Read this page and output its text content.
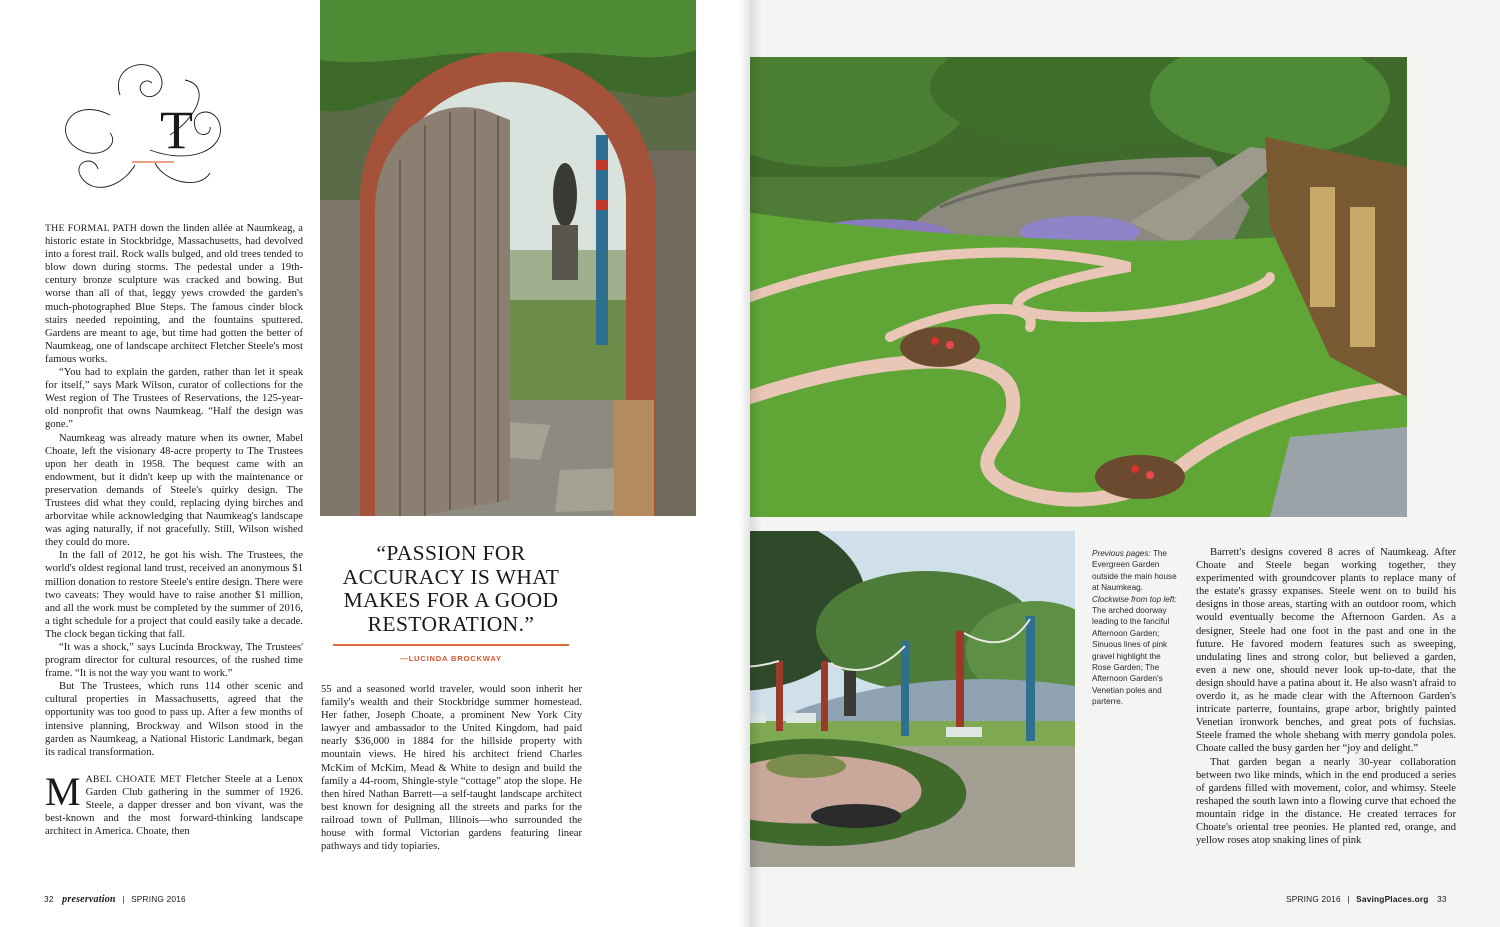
T

THE FORMAL PATH down the linden allée at Naumkeag, a historic estate in Stockbridge, Massachusetts, had devolved into a forest trail. Rock walls bulged, and old trees tended to blow down during storms. The pedestal under a 19th-century bronze sculpture was cracked and bowing. But worse than all of that, leggy yews crowded the garden's much-photographed Blue Steps. The famous cinder block stairs needed repointing, and the fountains sputtered. Gardens are meant to age, but time had gotten the better of Naumkeag, one of landscape architect Fletcher Steele's most famous works.

“You had to explain the garden, rather than let it speak for itself,” says Mark Wilson, curator of collections for the West region of The Trustees of Reservations, the 125-year-old nonprofit that owns Naumkeag. “Half the design was gone.”

Naumkeag was already mature when its owner, Mabel Choate, left the visionary 48-acre property to The Trustees upon her death in 1958. The bequest came with an endowment, but it didn't keep up with the maintenance or preservation demands of Steele's quirky design. The Trustees did what they could, replacing dying birches and arborvitae while acknowledging that Naumkeag's landscape was aging naturally, if not gracefully. Still, Wilson wished they could do more.

In the fall of 2012, he got his wish. The Trustees, the world's oldest regional land trust, received an anonymous $1 million donation to restore Steele's entire design. There were two caveats: They would have to raise another $1 million, and all the work must be completed by the summer of 2016, a tight schedule for a project that could easily take a decade. The clock began ticking that fall.

“It was a shock,” says Lucinda Brockway, The Trustees' program director for cultural resources, of the rushed time frame. “It is not the way you want to work.”

But The Trustees, which runs 114 other scenic and cultural properties in Massachusetts, agreed that the opportunity was too good to pass up. After a few months of intensive planning, Brockway and Wilson stood in the garden as Naumkeag, a National Historic Landmark, began its radical transformation.

MABEL CHOATE MET Fletcher Steele at a Lenox Garden Club gathering in the summer of 1926. Steele, a dapper dresser and bon vivant, was the best-known and the most forward-thinking landscape architect in America. Choate, then

“PASSION FOR ACCURACY IS WHAT MAKES FOR A GOOD RESTORATION.”
—LUCINDA BROCKWAY

55 and a seasoned world traveler, would soon inherit her family's wealth and their Stockbridge summer homestead. Her father, Joseph Choate, a prominent New York City lawyer and ambassador to the United Kingdom, had paid nearly $36,000 in 1884 for the hillside property with mountain views. He hired his architect friend Charles McKim of McKim, Mead & White to design and build the family a 44-room, Shingle-style “cottage” atop the slope. He then hired Nathan Barrett—a self-taught landscape architect best known for designing all the streets and parks for the railroad town of Pullman, Illinois—who surrounded the house with formal Victorian gardens featuring linear pathways and tidy topiaries.

32 preservation | SPRING 2016
Previous pages: The Evergreen Garden outside the main house at Naumkeag. Clockwise from top left: The arched doorway leading to the fanciful Afternoon Garden; Sinuous lines of pink gravel highlight the Rose Garden; The Afternoon Garden's Venetian poles and parterre.

Barrett's designs covered 8 acres of Naumkeag. After Choate and Steele began working together, they experimented with groundcover plants to replace many of the estate's grassy expanses. Steele went on to build his designs in those areas, starting with an outdoor room, which would eventually become the Afternoon Garden. As a designer, Steele had one foot in the past and one in the future. He favored modern features such as sweeping, undulating lines and strong color, but believed a garden, even a new one, should never look up-to-date, that the design should have a patina about it. He also wasn't afraid to overdo it, as he made clear with the Afternoon Garden's intricate parterre, fountains, grape arbor, brightly painted Venetian ironwork benches, and great pots of fuchsias. Steele framed the whole shebang with merry gondola poles. Choate called the busy garden her “joy and delight.”

That garden began a nearly 30-year collaboration between two like minds, which in the end produced a series of gardens filled with movement, color, and whimsy. Steele reshaped the south lawn into a flowing curve that echoed the mountain ridge in the distance. He created terraces for Choate's oriental tree peonies. He planted red, orange, and yellow roses atop snaking lines of pink

SPRING 2016 | SavingPlaces.org 33
